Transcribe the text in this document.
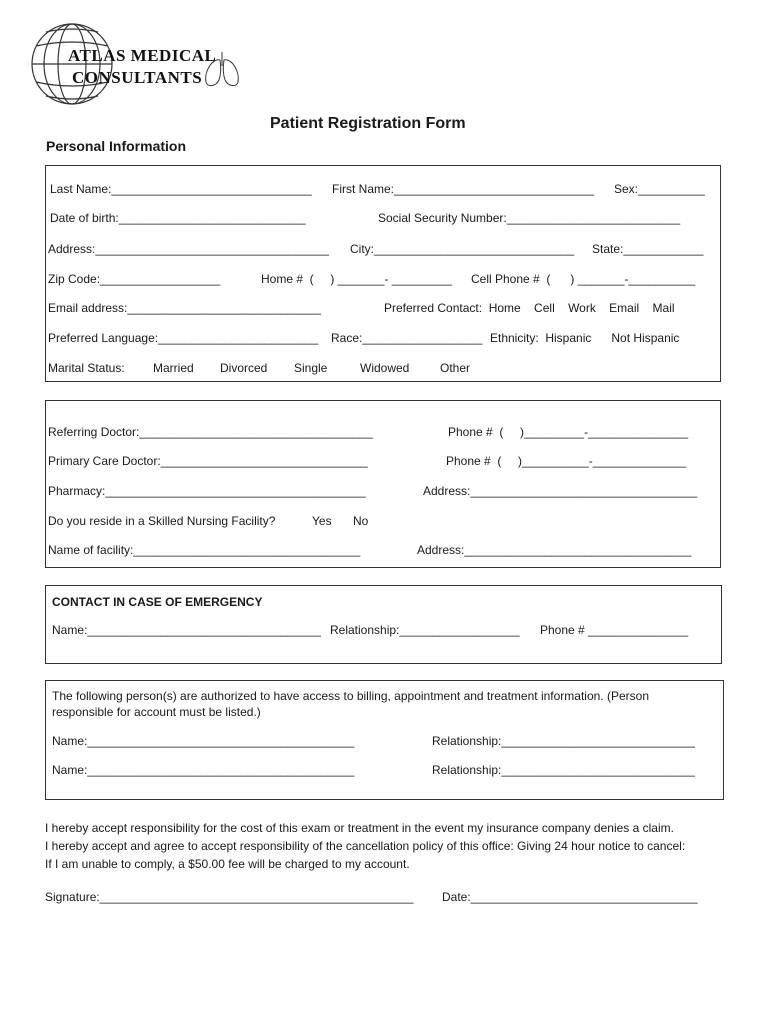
ATLAS MEDICAL
CONSULTANTS
Patient Registration Form
Personal Information
Last Name:______________________________ First Name:______________________________ Sex:__________
Date of birth:____________________________	Social Security Number:__________________________
Address:___________________________________ City:______________________________ State:____________
Zip Code:__________________	Home #  (     ) _______- _________ Cell Phone #  (      ) _______-__________
Email address:_____________________________	Preferred Contact:  Home    Cell    Work    Email    Mail
Preferred Language:________________________ Race:__________________ Ethnicity:  Hispanic      Not Hispanic
Marital Status: Married Divorced Single	Widowed	Other
Referring Doctor:___________________________________	Phone #  (     )_________-_______________
Primary Care Doctor:_______________________________	Phone #  (     )__________-______________
Pharmacy:_______________________________________	Address:__________________________________
Do you reside in a Skilled Nursing Facility?	Yes No
Name of facility:__________________________________	Address:__________________________________
CONTACT IN CASE OF EMERGENCY
Name:___________________________________ Relationship:__________________ Phone # _______________
The following person(s) are authorized to have access to billing, appointment and treatment information. (Person
responsible for account must be listed.)
Name:________________________________________	Relationship:_____________________________
Name:________________________________________	Relationship:_____________________________
I hereby accept responsibility for the cost of this exam or treatment in the event my insurance company denies a claim.
I hereby accept and agree to accept responsibility of the cancellation policy of this office: Giving 24 hour notice to cancel:
If I am unable to comply, a $50.00 fee will be charged to my account.
Signature:_______________________________________________ Date:__________________________________
